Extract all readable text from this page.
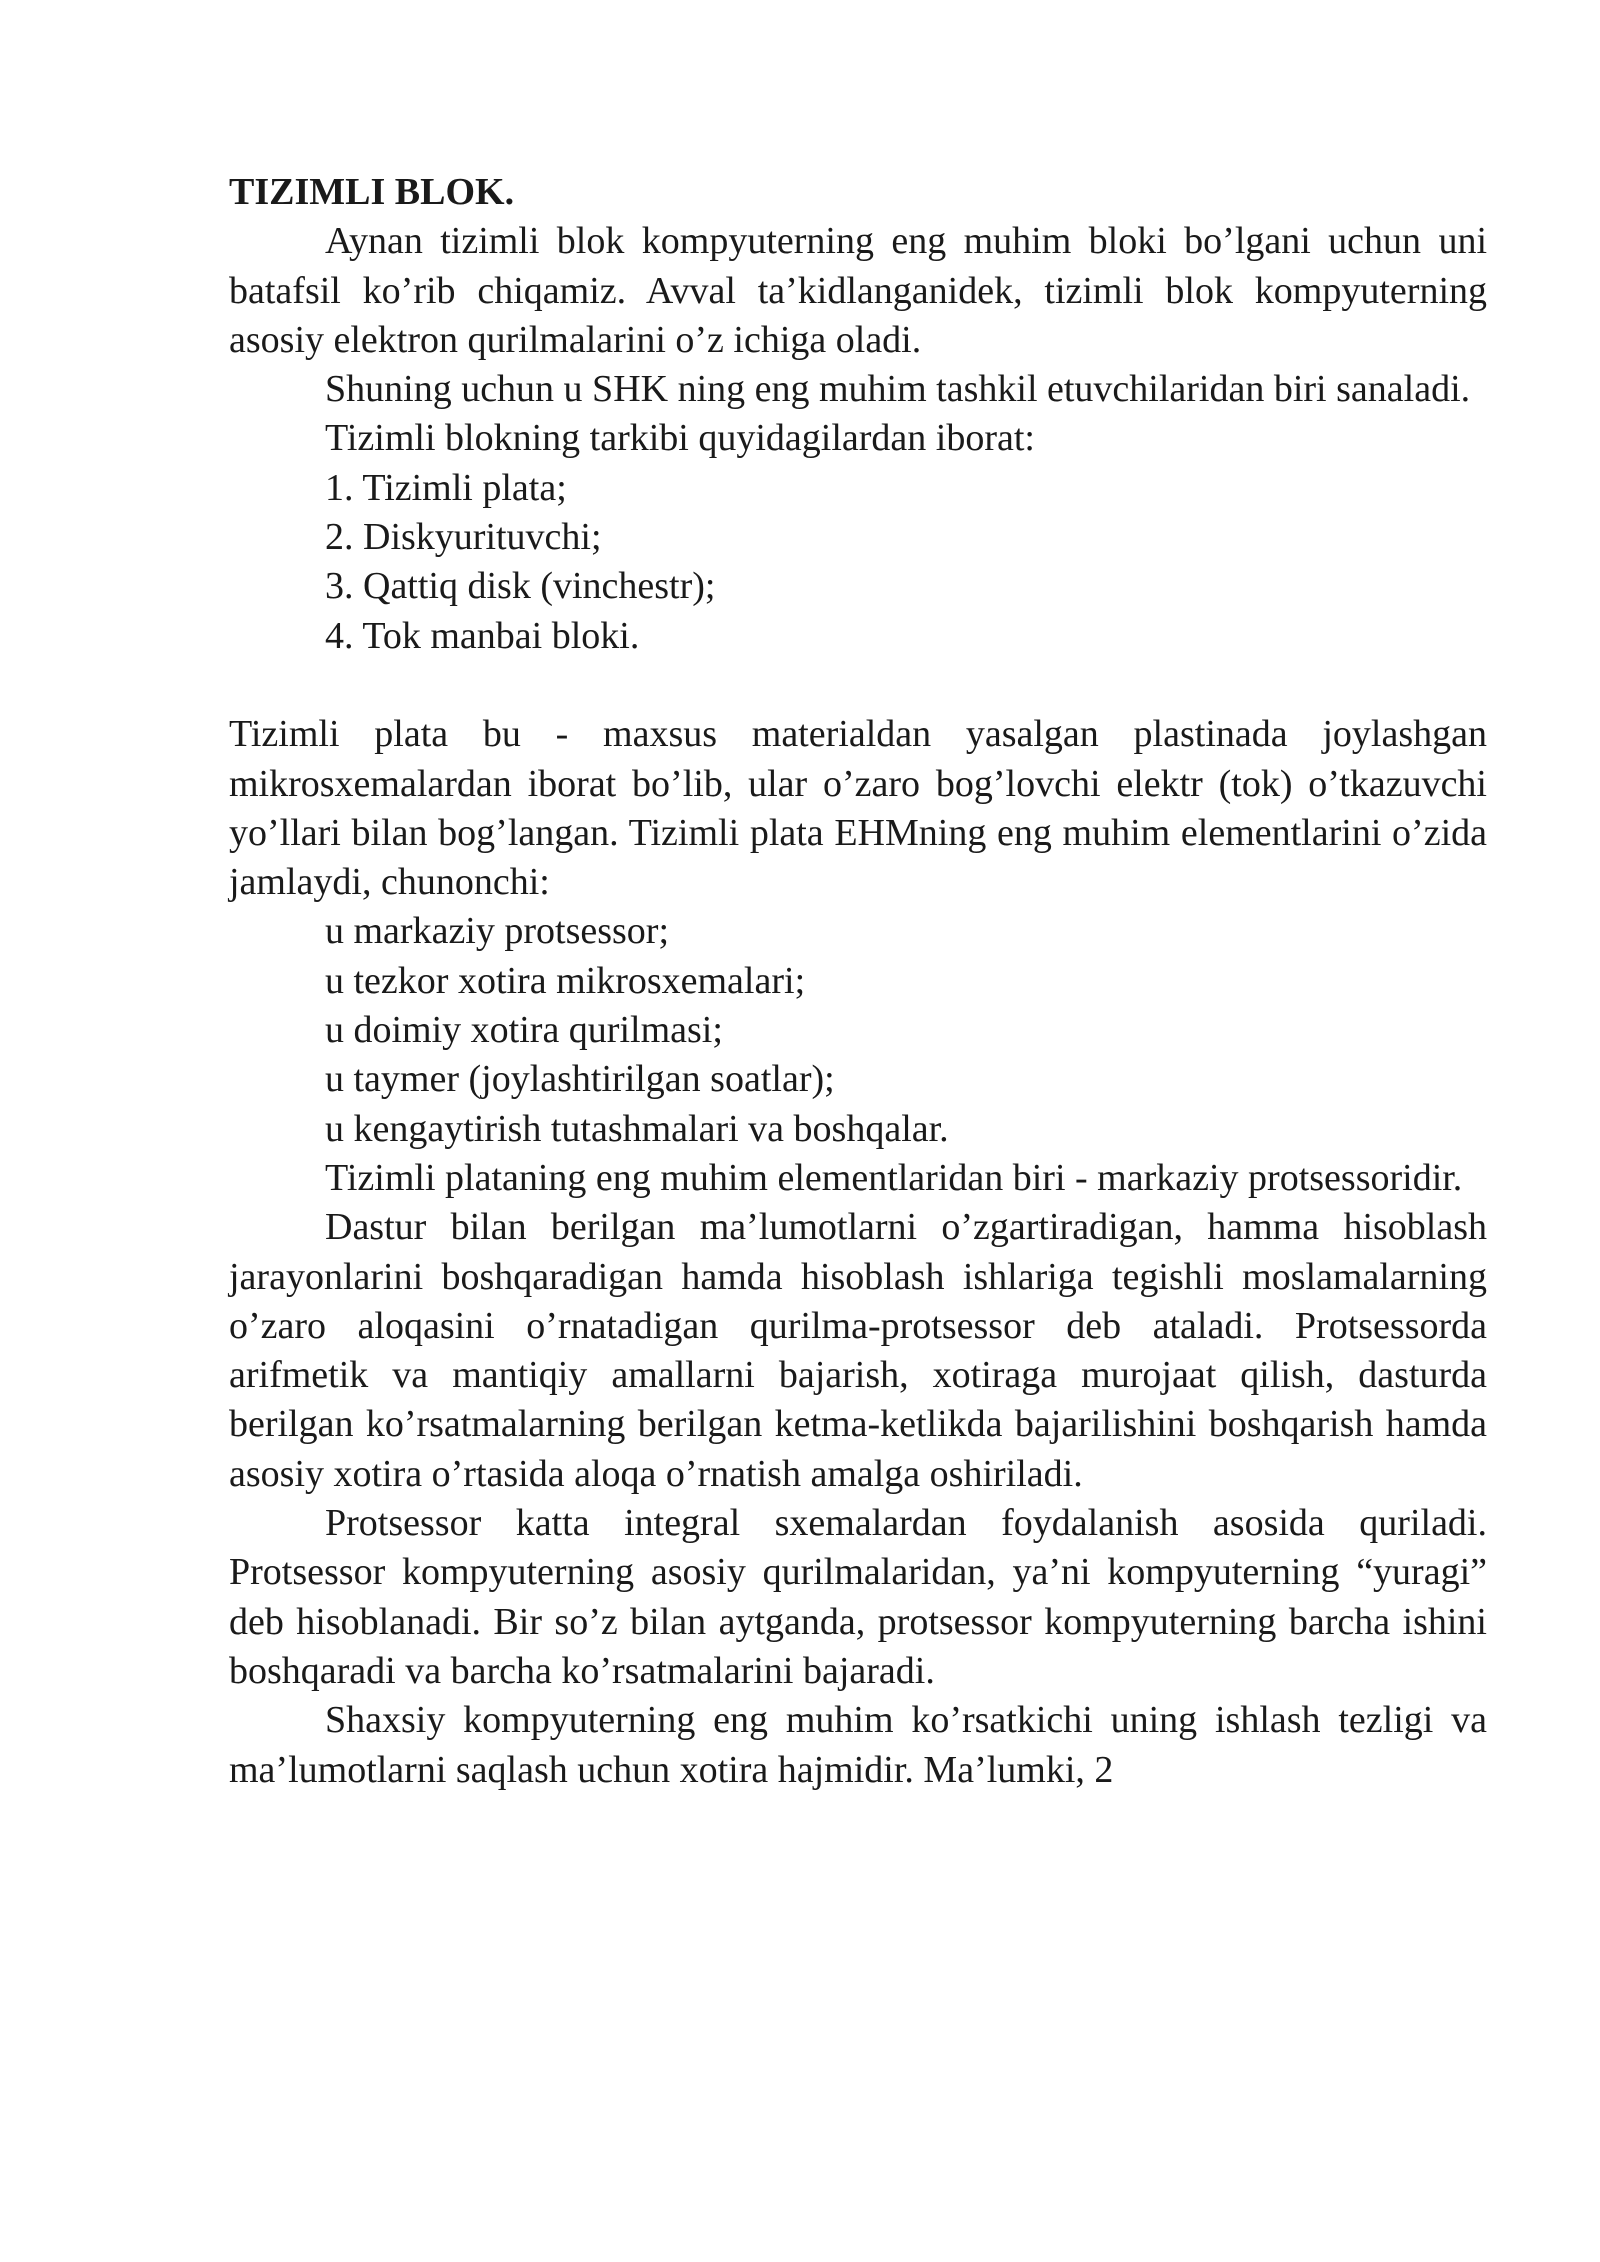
TIZIMLI BLOK.

Aynan tizimli blok kompyuterning eng muhim bloki bo’lgani uchun uni batafsil ko’rib chiqamiz. Avval ta’kidlanganidek, tizimli blok kompyuterning asosiy elektron qurilmalarini o’z ichiga oladi.

Shuning uchun u SHK ning eng muhim tashkil etuvchilaridan biri sanaladi.

Tizimli blokning tarkibi quyidagilardan iborat:

1. Tizimli plata;

2. Diskyurituvchi;

3. Qattiq disk (vinchestr);

4. Tok manbai bloki.

Tizimli plata bu - maxsus materialdan yasalgan plastinada joylashgan mikrosxemalardan iborat bo’lib, ular o’zaro bog’lovchi elektr (tok) o’tkazuvchi yo’llari bilan bog’langan. Tizimli plata EHMning eng muhim elementlarini o’zida jamlaydi, chunonchi:

u markaziy protsessor;

u tezkor xotira mikrosxemalari;

u doimiy xotira qurilmasi;

u taymer (joylashtirilgan soatlar);

u kengaytirish tutashmalari va boshqalar.

Tizimli plataning eng muhim elementlaridan biri - markaziy protsessoridir.

Dastur bilan berilgan ma’lumotlarni o’zgartiradigan, hamma hisoblash jarayonlarini boshqaradigan hamda hisoblash ishlariga tegishli moslamalarning o’zaro aloqasini o’rnatadigan qurilma-protsessor deb ataladi. Protsessorda arifmetik va mantiqiy amallarni bajarish, xotiraga murojaat qilish, dasturda berilgan ko’rsatmalarning berilgan ketma-ketlikda bajarilishini boshqarish hamda asosiy xotira o’rtasida aloqa o’rnatish amalga oshiriladi.

Protsessor katta integral sxemalardan foydalanish asosida quriladi. Protsessor kompyuterning asosiy qurilmalaridan, ya’ni kompyuterning “yuragi” deb hisoblanadi. Bir so’z bilan aytganda, protsessor kompyuterning barcha ishini boshqaradi va barcha ko’rsatmalarini bajaradi.

Shaxsiy kompyuterning eng muhim ko’rsatkichi uning ishlash tezligi va ma’lumotlarni saqlash uchun xotira hajmidir. Ma’lumki, 2
